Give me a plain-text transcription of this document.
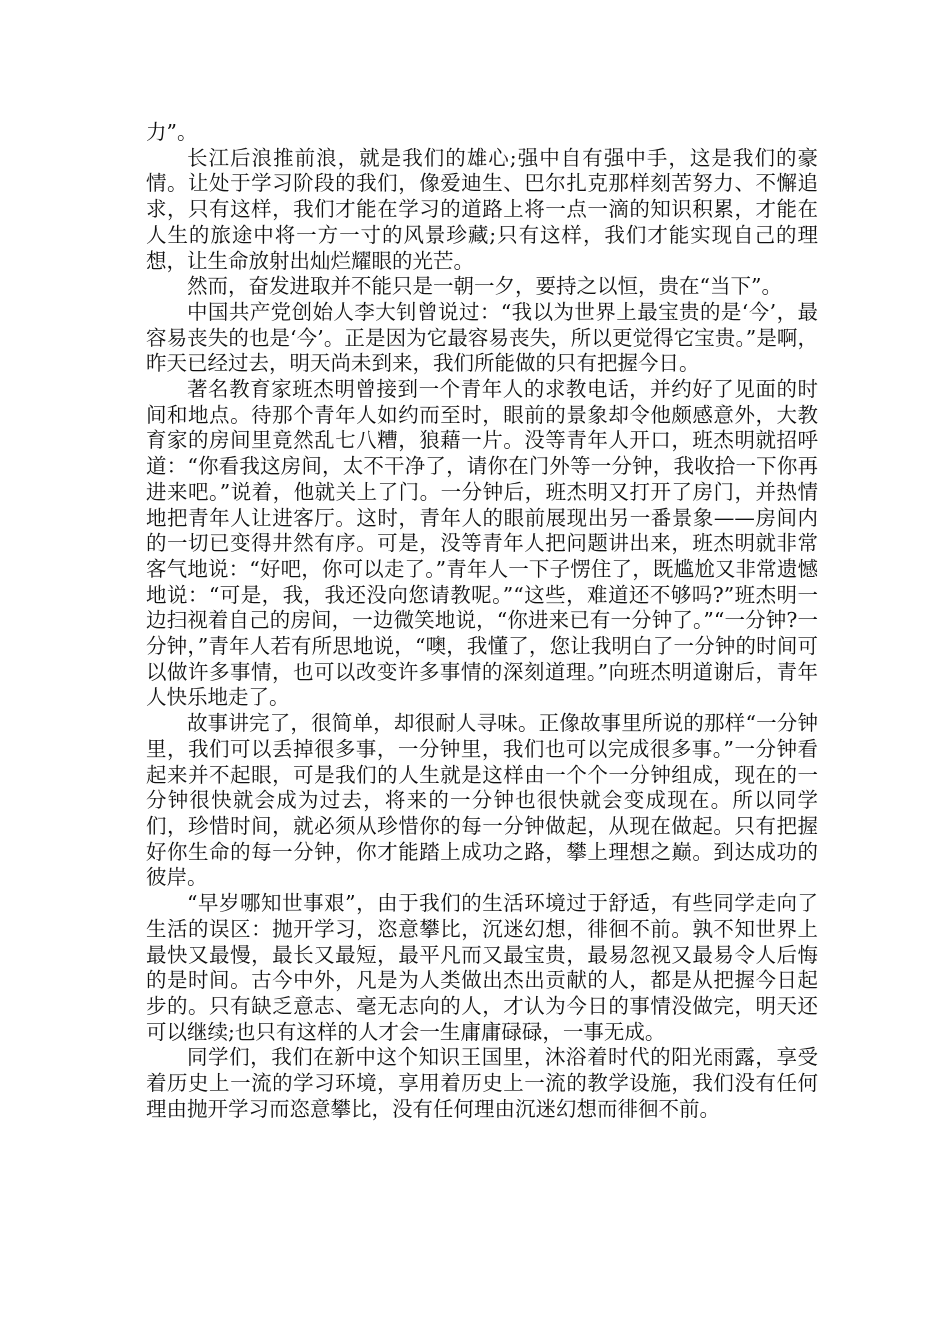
力”。

长江后浪推前浪，就是我们的雄心;强中自有强中手，这是我们的豪情。让处于学习阶段的我们，像爱迪生、巴尔扎克那样刻苦努力、不懈追求，只有这样，我们才能在学习的道路上将一点一滴的知识积累，才能在人生的旅途中将一方一寸的风景珍藏;只有这样，我们才能实现自己的理想，让生命放射出灿烂耀眼的光芒。

然而，奋发进取并不能只是一朝一夕，要持之以恒，贵在“当下”。

中国共产党创始人李大钊曾说过：“我以为世界上最宝贵的是‘今’，最容易丧失的也是‘今’。正是因为它最容易丧失，所以更觉得它宝贵。”是啊，昨天已经过去，明天尚未到来，我们所能做的只有把握今日。

著名教育家班杰明曾接到一个青年人的求教电话，并约好了见面的时间和地点。待那个青年人如约而至时，眼前的景象却令他颇感意外，大教育家的房间里竟然乱七八糟，狼藉一片。没等青年人开口，班杰明就招呼道：“你看我这房间，太不干净了，请你在门外等一分钟，我收拾一下你再进来吧。”说着，他就关上了门。一分钟后，班杰明又打开了房门，并热情地把青年人让进客厅。这时，青年人的眼前展现出另一番景象——房间内的一切已变得井然有序。可是，没等青年人把问题讲出来，班杰明就非常客气地说：“好吧，你可以走了。”青年人一下子愣住了，既尴尬又非常遗憾地说：“可是，我，我还没向您请教呢。”“这些，难道还不够吗?”班杰明一边扫视着自己的房间，一边微笑地说，“你进来已有一分钟了。”“一分钟?一分钟，”青年人若有所思地说，“噢，我懂了，您让我明白了一分钟的时间可以做许多事情，也可以改变许多事情的深刻道理。”向班杰明道谢后，青年人快乐地走了。

故事讲完了，很简单，却很耐人寻味。正像故事里所说的那样“一分钟里，我们可以丢掉很多事，一分钟里，我们也可以完成很多事。”一分钟看起来并不起眼，可是我们的人生就是这样由一个个一分钟组成，现在的一分钟很快就会成为过去，将来的一分钟也很快就会变成现在。所以同学们，珍惜时间，就必须从珍惜你的每一分钟做起，从现在做起。只有把握好你生命的每一分钟，你才能踏上成功之路，攀上理想之巅。到达成功的彼岸。

“早岁哪知世事艰”，由于我们的生活环境过于舒适，有些同学走向了生活的误区：抛开学习，恣意攀比，沉迷幻想，徘徊不前。孰不知世界上最快又最慢，最长又最短，最平凡而又最宝贵，最易忽视又最易令人后悔的是时间。古今中外，凡是为人类做出杰出贡献的人，都是从把握今日起步的。只有缺乏意志、毫无志向的人，才认为今日的事情没做完，明天还可以继续;也只有这样的人才会一生庸庸碌碌，一事无成。

同学们，我们在新中这个知识王国里，沐浴着时代的阳光雨露，享受着历史上一流的学习环境，享用着历史上一流的教学设施，我们没有任何理由抛开学习而恣意攀比，没有任何理由沉迷幻想而徘徊不前。
